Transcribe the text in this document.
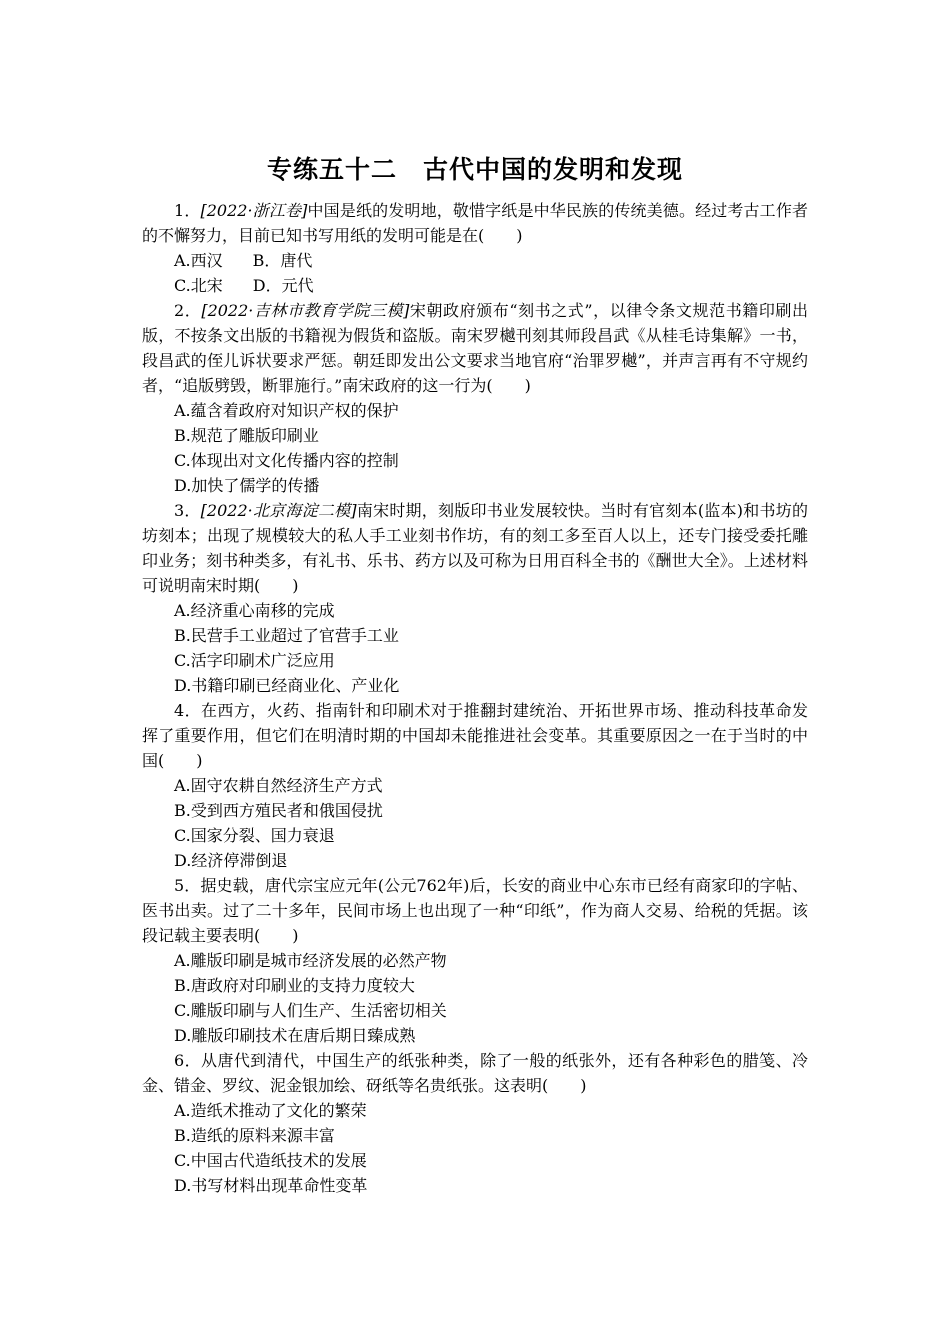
专练五十二　古代中国的发明和发现
1．[2022·浙江卷]中国是纸的发明地，敬惜字纸是中华民族的传统美德。经过考古工作者的不懈努力，目前已知书写用纸的发明可能是在(　　)
A.西汉 B．唐代
C.北宋 D．元代
2．[2022·吉林市教育学院三模]宋朝政府颁布“刻书之式”，以律令条文规范书籍印刷出版，不按条文出版的书籍视为假货和盗版。南宋罗樾刊刻其师段昌武《从桂毛诗集解》一书，段昌武的侄儿诉状要求严惩。朝廷即发出公文要求当地官府“治罪罗樾”，并声言再有不守规约者，“追版劈毁，断罪施行。”南宋政府的这一行为(　　)
A.蕴含着政府对知识产权的保护
B.规范了雕版印刷业
C.体现出对文化传播内容的控制
D.加快了儒学的传播
3．[2022·北京海淀二模]南宋时期，刻版印书业发展较快。当时有官刻本(监本)和书坊的坊刻本；出现了规模较大的私人手工业刻书作坊，有的刻工多至百人以上，还专门接受委托雕印业务；刻书种类多，有礼书、乐书、药方以及可称为日用百科全书的《酬世大全》。上述材料可说明南宋时期(　　)
A.经济重心南移的完成
B.民营手工业超过了官营手工业
C.活字印刷术广泛应用
D.书籍印刷已经商业化、产业化
4．在西方，火药、指南针和印刷术对于推翻封建统治、开拓世界市场、推动科技革命发挥了重要作用，但它们在明清时期的中国却未能推进社会变革。其重要原因之一在于当时的中国(　　)
A.固守农耕自然经济生产方式
B.受到西方殖民者和俄国侵扰
C.国家分裂、国力衰退
D.经济停滞倒退
5．据史载，唐代宗宝应元年(公元762年)后，长安的商业中心东市已经有商家印的字帖、医书出卖。过了二十多年，民间市场上也出现了一种“印纸”，作为商人交易、给税的凭据。该段记载主要表明(　　)
A.雕版印刷是城市经济发展的必然产物
B.唐政府对印刷业的支持力度较大
C.雕版印刷与人们生产、生活密切相关
D.雕版印刷技术在唐后期日臻成熟
6．从唐代到清代，中国生产的纸张种类，除了一般的纸张外，还有各种彩色的腊笺、冷金、错金、罗纹、泥金银加绘、砑纸等名贵纸张。这表明(　　)
A.造纸术推动了文化的繁荣
B.造纸的原料来源丰富
C.中国古代造纸技术的发展
D.书写材料出现革命性变革
